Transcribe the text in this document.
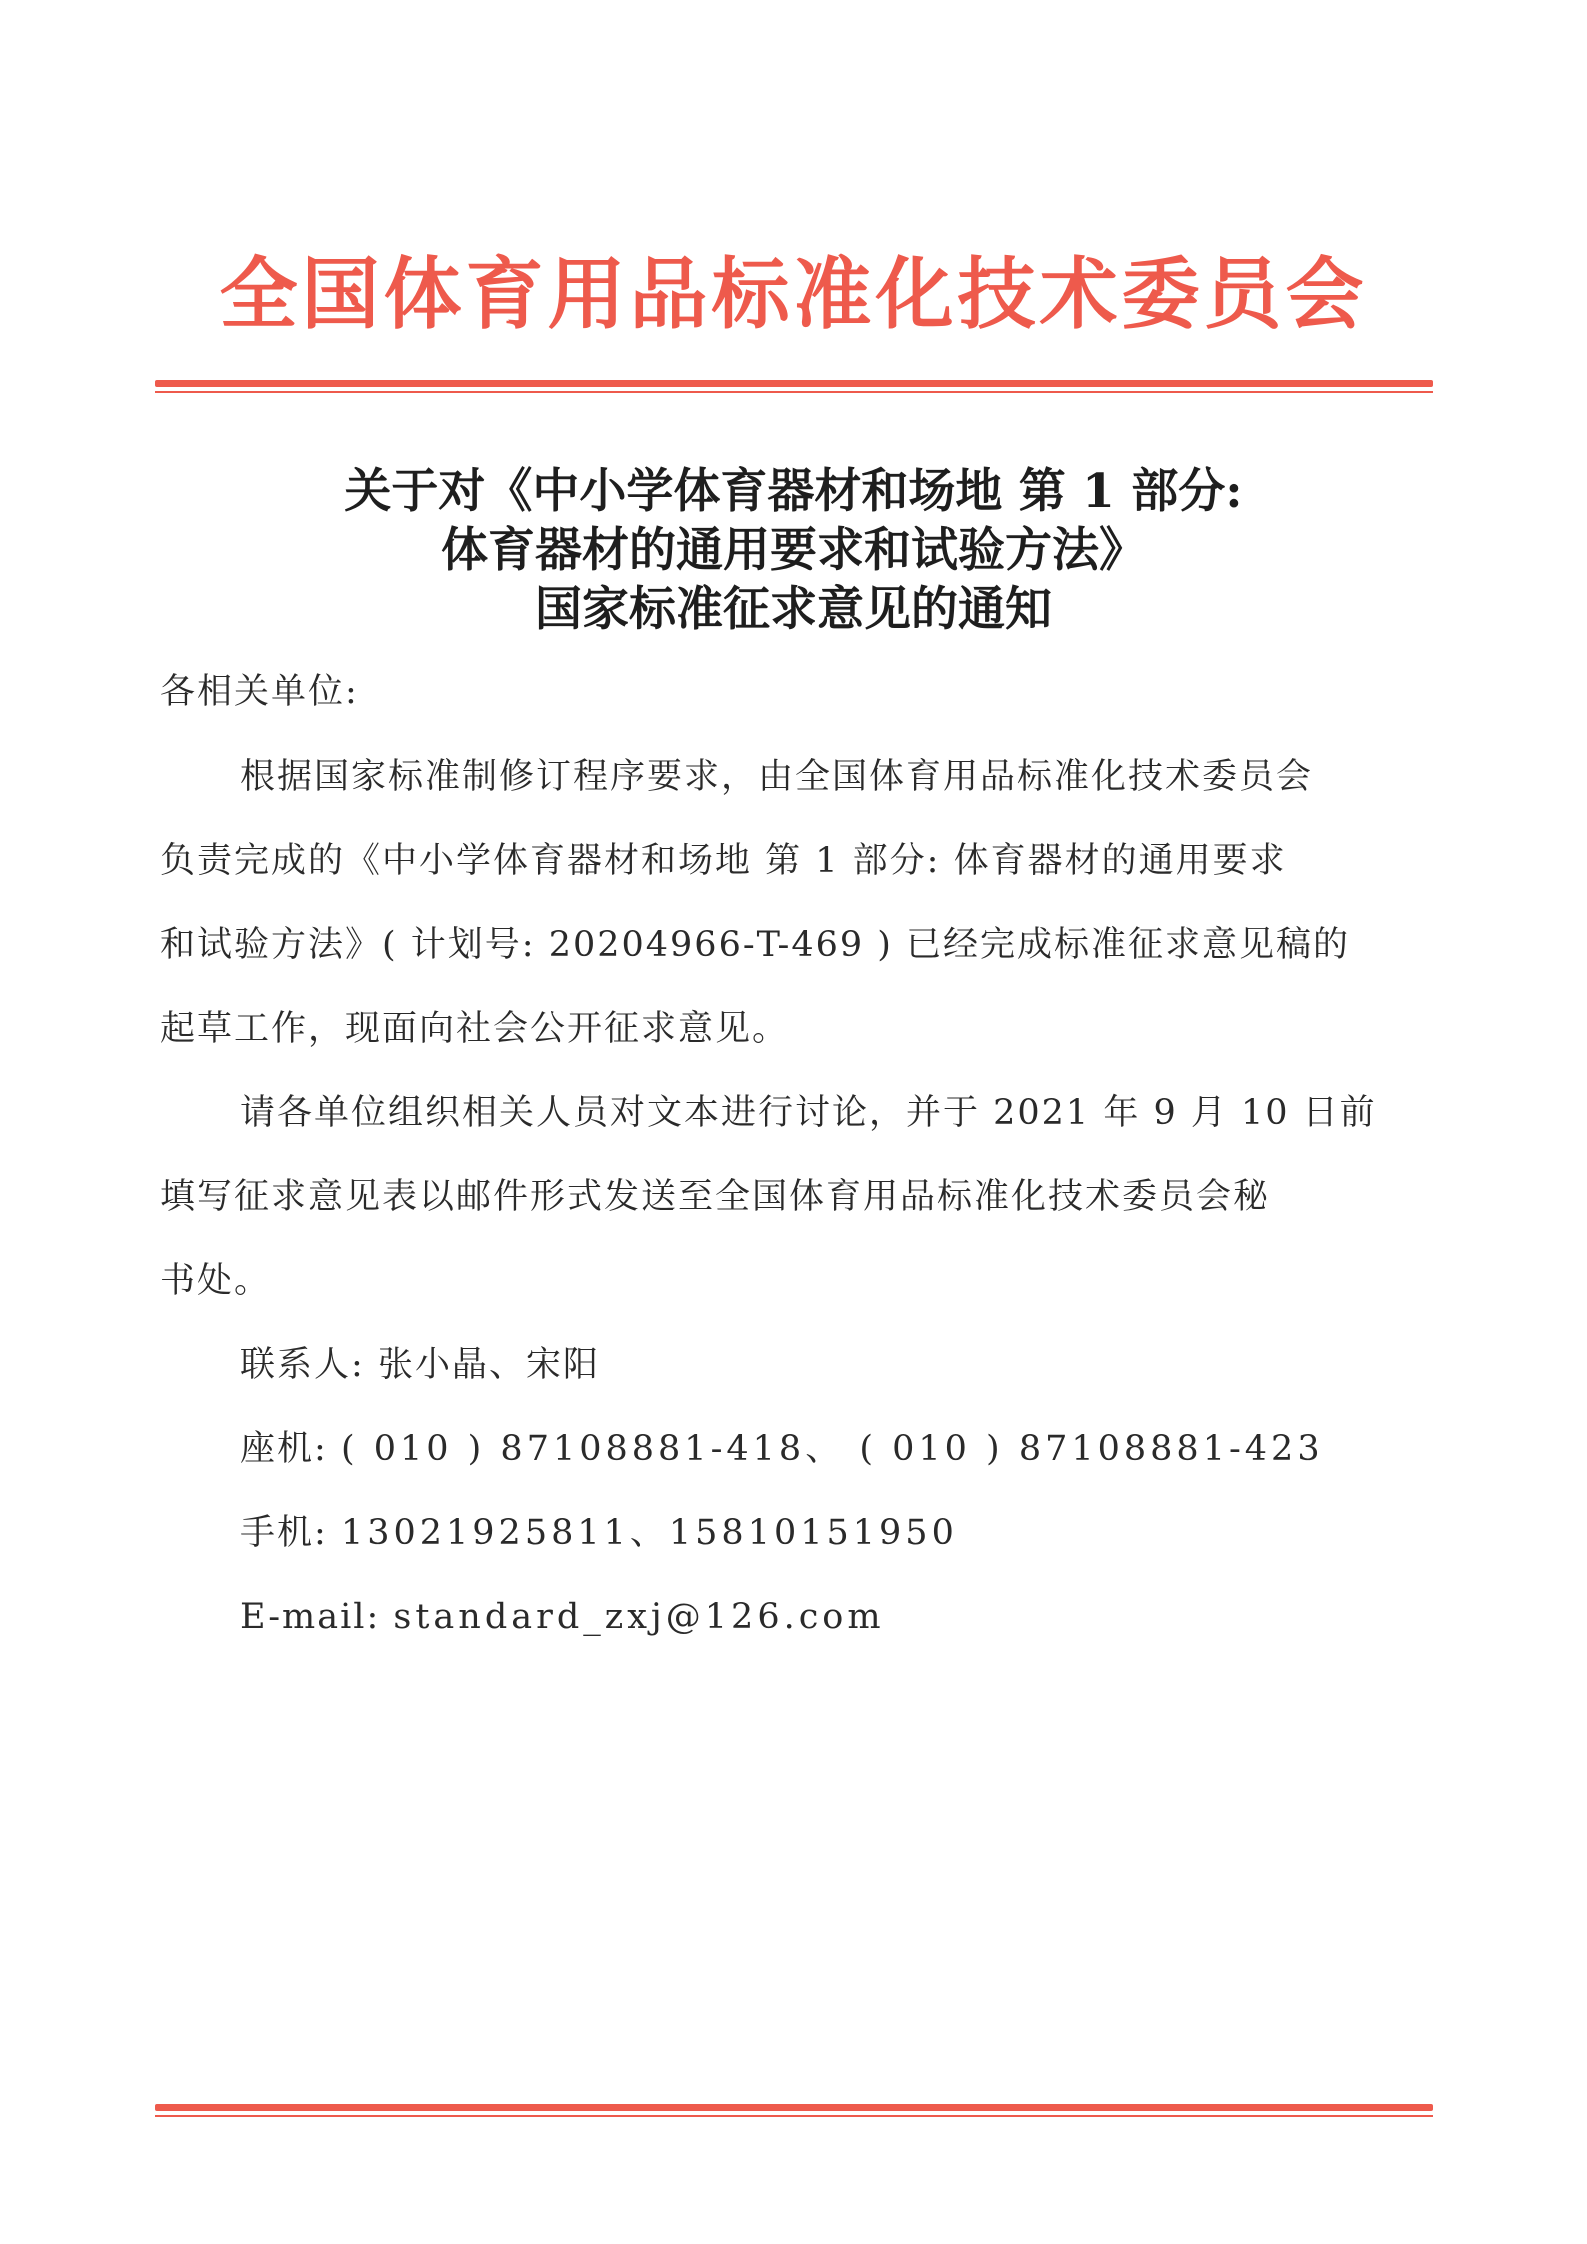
全国体育用品标准化技术委员会
关于对《中小学体育器材和场地 第 1 部分:
体育器材的通用要求和试验方法》
国家标准征求意见的通知
各相关单位:
根据国家标准制修订程序要求，由全国体育用品标准化技术委员会
负责完成的《中小学体育器材和场地 第 1 部分: 体育器材的通用要求
和试验方法》( 计划号: 20204966-T-469 ) 已经完成标准征求意见稿的
起草工作，现面向社会公开征求意见。
请各单位组织相关人员对文本进行讨论，并于 2021 年 9 月 10 日前
填写征求意见表以邮件形式发送至全国体育用品标准化技术委员会秘
书处。
联系人: 张小晶、宋阳
座机: ( 010 ) 87108881-418、 ( 010 ) 87108881-423
手机: 13021925811、15810151950
E-mail: standard_zxj@126.com
